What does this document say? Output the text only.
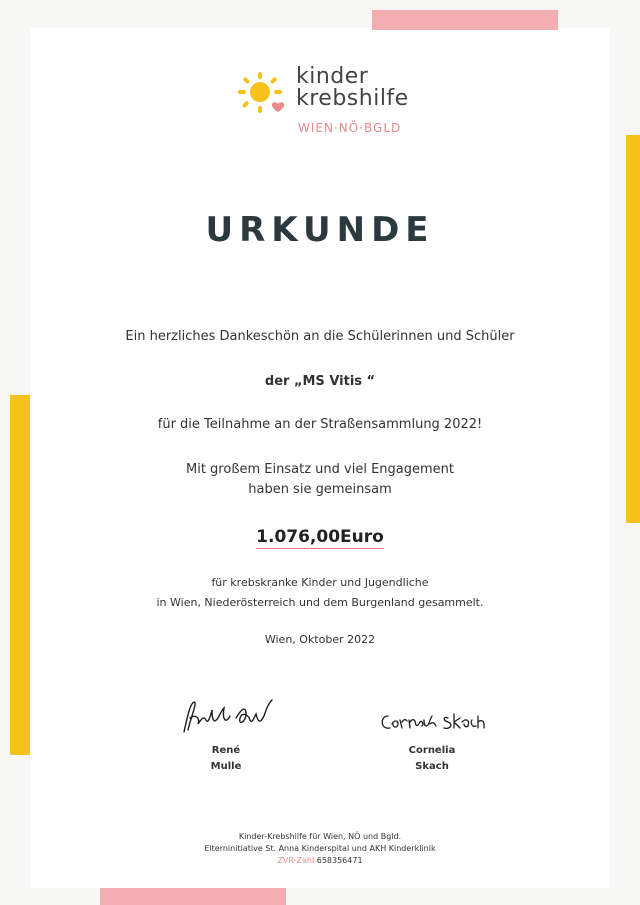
kinder
krebshilfe
WIEN·NÖ·BGLD
URKUNDE
Ein herzliches Dankeschön an die Schülerinnen und Schüler
der „MS Vitis “
für die Teilnahme an der Straßensammlung 2022!
Mit großem Einsatz und viel Engagement
haben sie gemeinsam
1.076,00Euro
für krebskranke Kinder und Jugendliche
in Wien, Niederösterreich und dem Burgenland gesammelt.
Wien, Oktober 2022
René
Mulle
Cornelia
Skach
Kinder-Krebshilfe für Wien, NÖ und Bgld.
Elterninitiative St. Anna Kinderspital und AKH Kinderklinik
ZVR-Zahl 658356471
